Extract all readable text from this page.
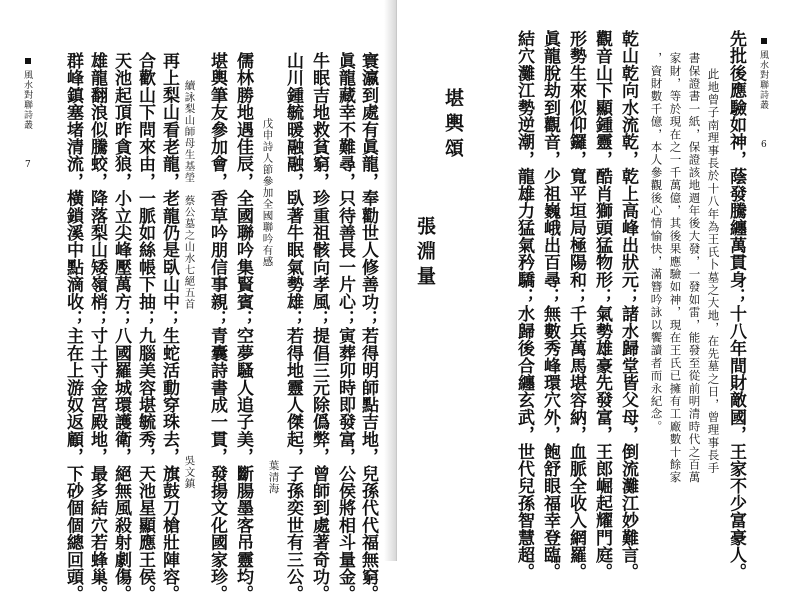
風水對聯詩叢
7	寰瀛到處有眞龍，奉勸世人修善功；若得明師點吉地，兒孫代代福無窮。
眞龍藏幸不難尋，只待善長一片心；寅葬卯時即發富，公侯將相斗量金。
牛眠吉地救貧窮，珍重祖骸向孝風；提倡三元除僞弊，曾師到處著奇功。
山川鍾毓暖融融，臥著牛眠氣勢雄；若得地靈人傑起，子孫奕世有三公。
戊申詩人節參加全國聯吟有感
葉清海
儒林勝地遇佳辰，全國聯吟集賢賓；空夢騷人追子美，斷腸墨客吊靈均。
堪輿筆友參加會，香草吟朋信事親；青囊詩書成一貫，發揚文化國家珍。
續詠梨山師母生基塋　蔡公墓之山水七絕五首
吳文鎮
再上梨山看老龍，老龍仍是臥山中；生蛇活動穿珠去，旗鼓刀槍壯陣容。
合歡山下問來由，一脈如絲帳下抽；九腦美容堪毓秀，天池星顯應王侯。
天池起頂昨貪狼，小立尖峰壓萬方；八國羅城環護衛，絕無風殺射劇傷。
雄龍翻浪似騰蛟，降落梨山矮嶺梢；寸土寸金宮殿地，最多結穴若蜂巢。
群峰鎮塞堵清流，橫鎖溪中點滴收；主在上游奴返顧，下砂個個總回頭。	風水對聯詩叢
6
先批後應驗如神，蔭發騰纏萬貫身；十八年間財敵國，王家不少富豪人。
此地曾子南理事長於十八年為王氏卜墓之大地，在先墓之日，曾理事長手
書保證書一紙，保證該地週年後大發，一發如雷，能發至從前明清時代之百萬
家財，等於現在之一千萬億，其後果應驗如神，現在王氏已擁有工廠數十餘家
，資財數千億，本人參觀後心情愉快，滿簪吟詠以饗讀者而永紀念。
乾山乾向水流乾，乾上高峰出狀元；諸水歸堂皆父母，倒流灘江妙難言。
觀音山下顯鍾靈，酷肖獅頭猛物形；氣勢雄豪先發富，王郎崛起耀門庭。
形勢生來似仰鑼，寬平垣局極陽和；千兵萬馬堪容納，血脈全收入網羅。
眞龍脫劫到觀音，少祖巍峨出百尋；無數秀峰環穴外，飽舒眼福幸登臨。
結穴灘江勢逆潮，龍雄力猛氣矜驕；水歸後合纏玄武，世代兒孫智慧超。
堪輿頌
張淵量
